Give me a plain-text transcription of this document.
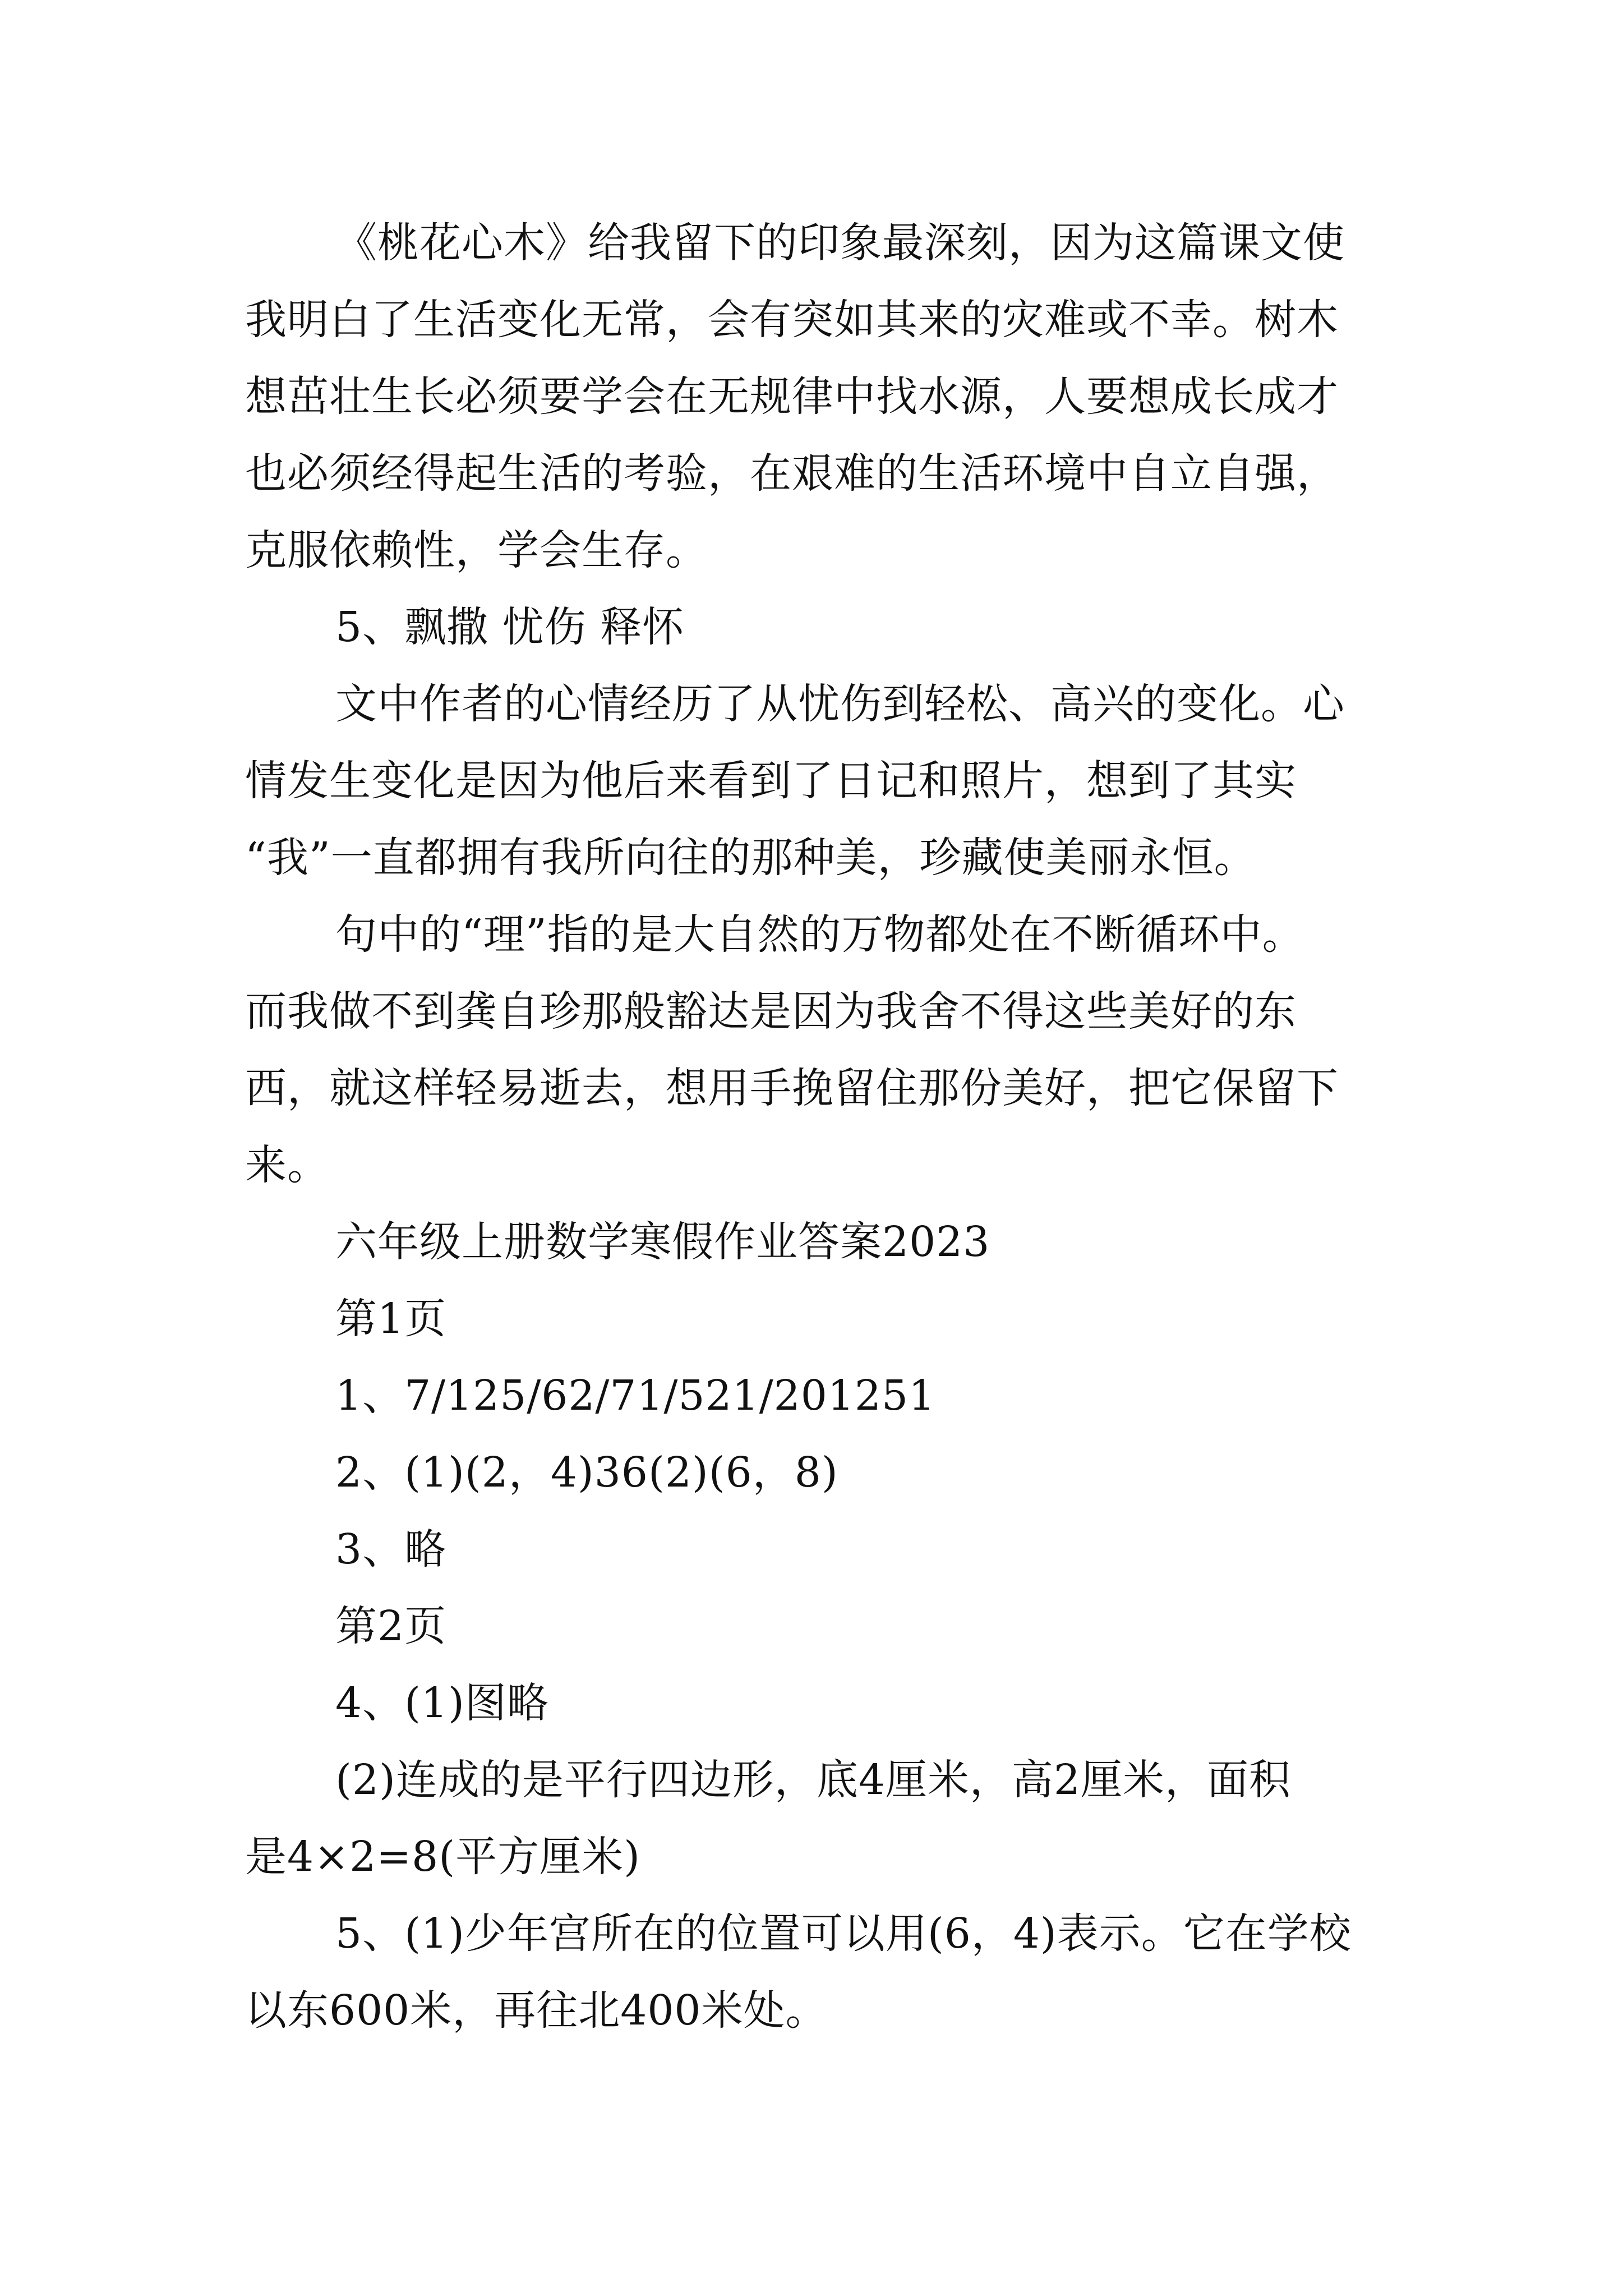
《桃花心木》给我留下的印象最深刻，因为这篇课文使
我明白了生活变化无常，会有突如其来的灾难或不幸。树木
想茁壮生长必须要学会在无规律中找水源，人要想成长成才
也必须经得起生活的考验，在艰难的生活环境中自立自强，
克服依赖性，学会生存。
5、飘撒 忧伤 释怀
文中作者的心情经历了从忧伤到轻松、高兴的变化。心
情发生变化是因为他后来看到了日记和照片，想到了其实
“我”一直都拥有我所向往的那种美，珍藏使美丽永恒。
句中的“理”指的是大自然的万物都处在不断循环中。
而我做不到龚自珍那般豁达是因为我舍不得这些美好的东
西，就这样轻易逝去，想用手挽留住那份美好，把它保留下
来。
六年级上册数学寒假作业答案2023
第1页
1、7/125/62/71/521/201251
2、(1)(2，4)36(2)(6，8)
3、略
第2页
4、(1)图略
(2)连成的是平行四边形，底4厘米，高2厘米，面积
是4×2=8(平方厘米)
5、(1)少年宫所在的位置可以用(6，4)表示。它在学校
以东600米，再往北400米处。
